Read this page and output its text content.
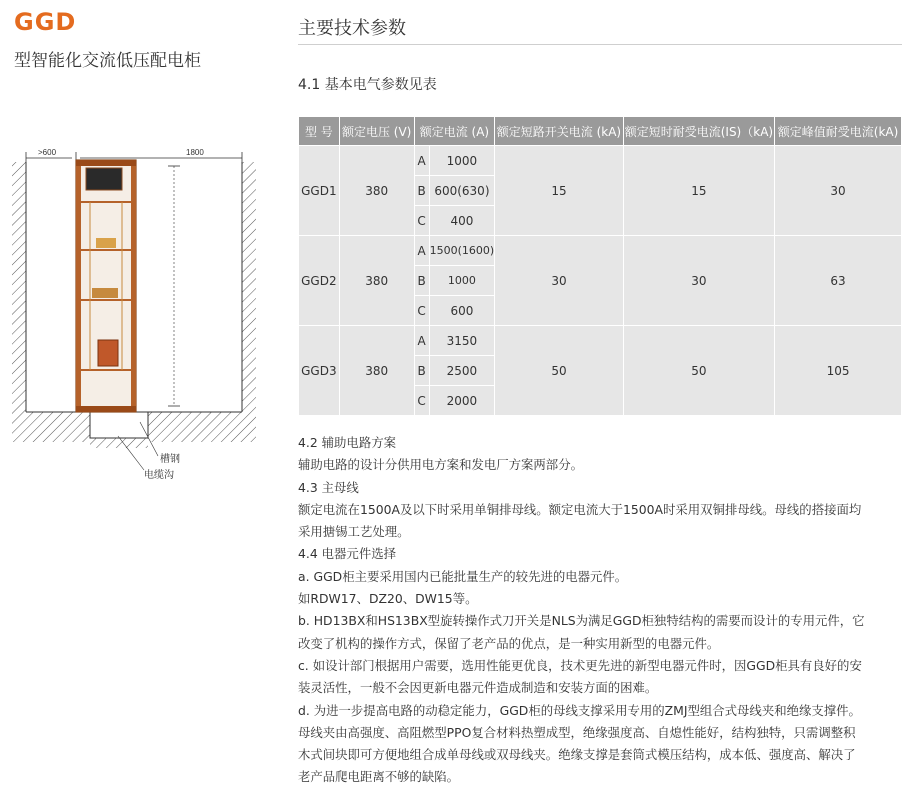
GGD
型智能化交流低压配电柜
>600	1800
槽钢
电缆沟
主要技术参数
4.1 基本电气参数见表
型 号	额定电压 (V)	额定电流 (A)		额定短路开关电流 (kA)	额定短时耐受电流(IS)（kA)	额定峰值耐受电流(kA)
GGD1	380	A	1000	15	15	30
		B	600(630)			
		C	400			
GGD2	380	A	1500(1600)	30	30	63
		B	1000			
		C	600			
GGD3	380	A	3150	50	50	105
		B	2500			
		C	2000			

4.2 辅助电路方案

辅助电路的设计分供用电方案和发电厂方案两部分。

4.3 主母线

额定电流在1500A及以下时采用单铜排母线。额定电流大于1500A时采用双铜排母线。母线的搭接面均

采用搪锡工艺处理。

4.4 电器元件选择

a. GGD柜主要采用国内已能批量生产的较先进的电器元件。

如RDW17、DZ20、DW15等。

b. HD13BX和HS13BX型旋转操作式刀开关是NLS为满足GGD柜独特结构的需要而设计的专用元件，它

改变了机构的操作方式，保留了老产品的优点，是一种实用新型的电器元件。

c. 如设计部门根据用户需要，选用性能更优良，技术更先进的新型电器元件时，因GGD柜具有良好的安

装灵活性，一般不会因更新电器元件造成制造和安装方面的困难。

d. 为进一步提高电路的动稳定能力，GGD柜的母线支撑采用专用的ZMJ型组合式母线夹和绝缘支撑件。

母线夹由高强度、高阻燃型PPO复合材料热塑成型，绝缘强度高、自熄性能好，结构独特，只需调整积

木式间块即可方便地组合成单母线或双母线夹。绝缘支撑是套筒式模压结构，成本低、强度高、解决了

老产品爬电距离不够的缺陷。
